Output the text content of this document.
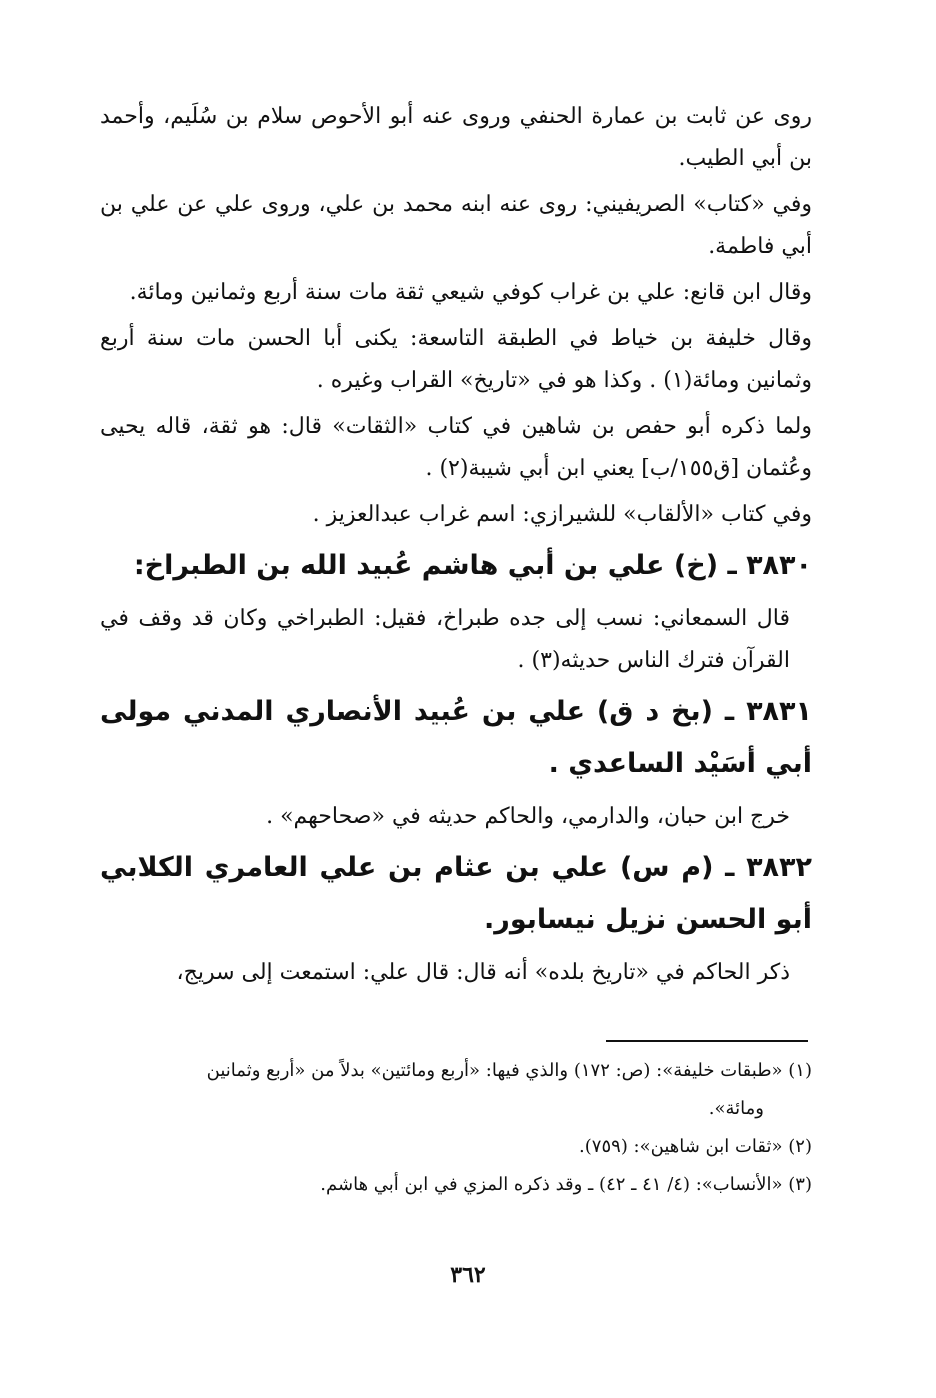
روى عن ثابت بن عمارة الحنفي وروى عنه أبو الأحوص سلام بن سُلَيم، وأحمد بن أبي الطيب.

وفي «كتاب» الصريفيني: روى عنه ابنه محمد بن علي، وروى علي عن علي بن أبي فاطمة.

وقال ابن قانع: علي بن غراب كوفي شيعي ثقة مات سنة أربع وثمانين ومائة.

وقال خليفة بن خياط في الطبقة التاسعة: يكنى أبا الحسن مات سنة أربع وثمانين ومائة(١) . وكذا هو في «تاريخ» القراب وغيره .

ولما ذكره أبو حفص بن شاهين في كتاب «الثقات» قال: هو ثقة، قاله يحيى وعُثمان [ق١٥٥/ب] يعني ابن أبي شيبة(٢) .

وفي كتاب «الألقاب» للشيرازي: اسم غراب عبدالعزيز .

٣٨٣٠ ـ (خ) علي بن أبي هاشم عُبيد الله بن الطبراخ:

قال السمعاني: نسب إلى جده طبراخ، فقيل: الطبراخي وكان قد وقف في القرآن فترك الناس حديثه(٣) .

٣٨٣١ ـ (بخ د ق) علي بن عُبيد الأنصاري المدني مولى أبي أسَيْد الساعدي .

خرج ابن حبان، والدارمي، والحاكم حديثه في «صحاحهم» .

٣٨٣٢ ـ (م س) علي بن عثام بن علي العامري الكلابي أبو الحسن نزيل نيسابور.

ذكر الحاكم في «تاريخ بلده» أنه قال: قال علي: استمعت إلى سريج،

(١) «طبقات خليفة»: (ص: ١٧٢) والذي فيها: «أربع ومائتين» بدلاً من «أربع وثمانين

ومائة».

(٢) «ثقات ابن شاهين»: (٧٥٩).

(٣) «الأنساب»: (٤/ ٤١ ـ ٤٢) ـ وقد ذكره المزي في ابن أبي هاشم.

٣٦٢
